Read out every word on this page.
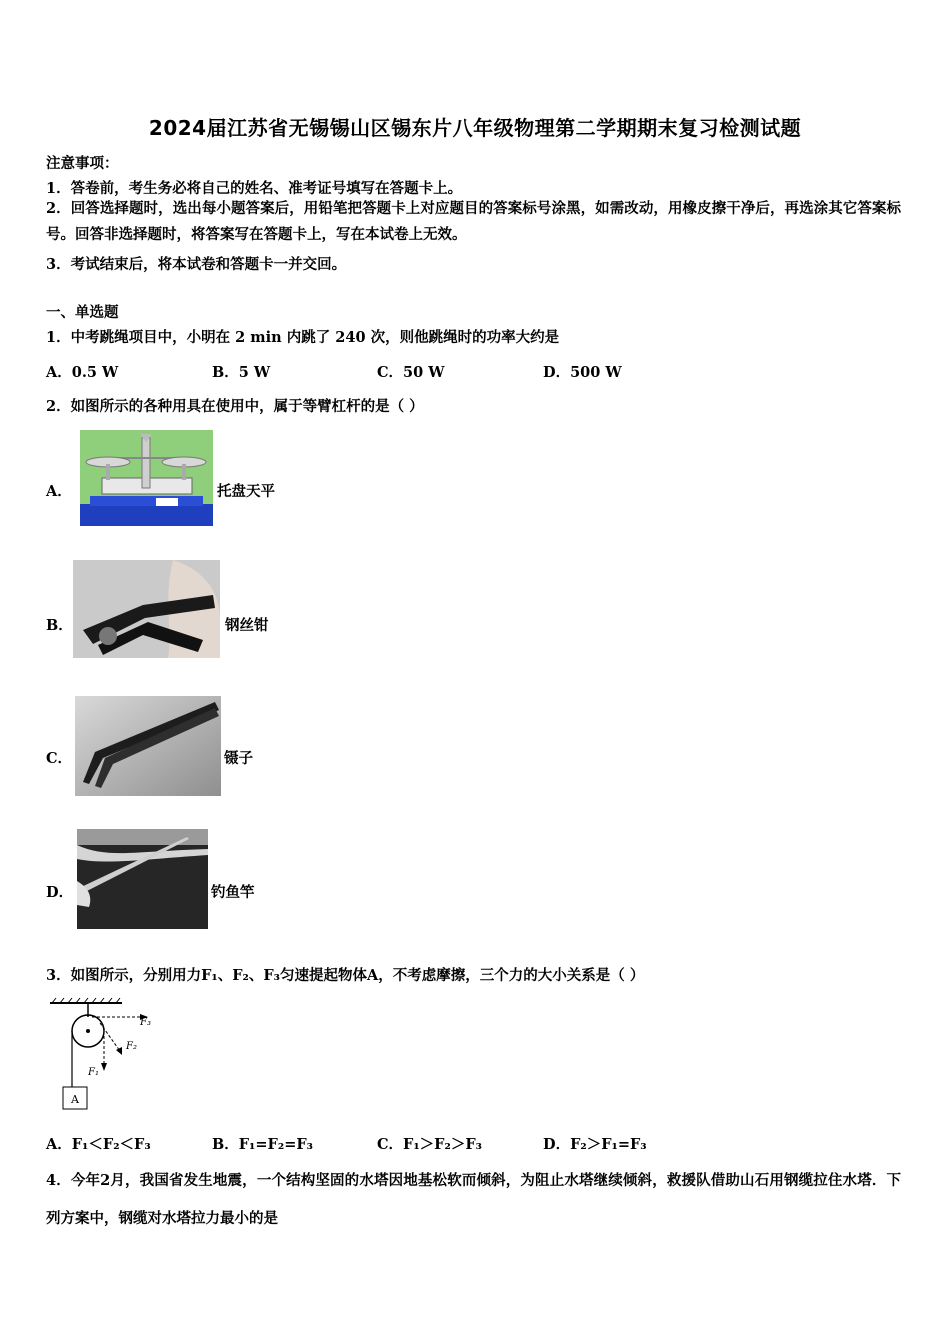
2024届江苏省无锡锡山区锡东片八年级物理第二学期期末复习检测试题
注意事项：
1．答卷前，考生务必将自己的姓名、准考证号填写在答题卡上。
2．回答选择题时，选出每小题答案后，用铅笔把答题卡上对应题目的答案标号涂黑，如需改动，用橡皮擦干净后，再选涂其它答案标号。回答非选择题时，将答案写在答题卡上，写在本试卷上无效。
3．考试结束后，将本试卷和答题卡一并交回。
一、单选题
1．中考跳绳项目中，小明在 2 min 内跳了 240 次，则他跳绳时的功率大约是
A．0.5 W	B．5 W	C．50 W	D．500 W
2．如图所示的各种用具在使用中，属于等臂杠杆的是（ ）
A．	托盘天平
B．	钢丝钳
C．	镊子
D．	钓鱼竿
3．如图所示，分别用力F₁、F₂、F₃匀速提起物体A，不考虑摩擦，三个力的大小关系是（ ）
A
F₃
F₂
F₁
A．F₁＜F₂＜F₃	B．F₁=F₂=F₃	C．F₁＞F₂＞F₃	D．F₂＞F₁=F₃
4．今年2月，我国省发生地震，一个结构坚固的水塔因地基松软而倾斜，为阻止水塔继续倾斜，救援队借助山石用钢缆拉住水塔．下列方案中，钢缆对水塔拉力最小的是
